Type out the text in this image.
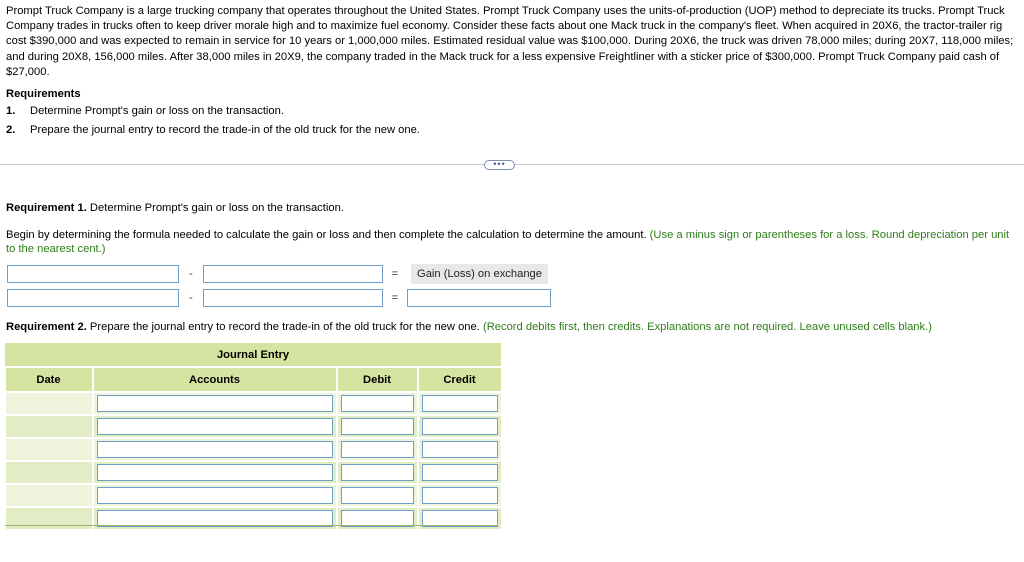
Prompt Truck Company is a large trucking company that operates throughout the United States. Prompt Truck Company uses the units-of-production (UOP) method to depreciate its trucks. Prompt Truck Company trades in trucks often to keep driver morale high and to maximize fuel economy. Consider these facts about one Mack truck in the company's fleet. When acquired in 20X6, the tractor-trailer rig cost $390,000 and was expected to remain in service for 10 years or 1,000,000 miles. Estimated residual value was $100,000. During 20X6, the truck was driven 78,000 miles; during 20X7, 118,000 miles; and during 20X8, 156,000 miles. After 38,000 miles in 20X9, the company traded in the Mack truck for a less expensive Freightliner with a sticker price of $300,000. Prompt Truck Company paid cash of $27,000.
Requirements
1.	Determine Prompt's gain or loss on the transaction.
2.	Prepare the journal entry to record the trade-in of the old truck for the new one.
•••
Requirement 1. Determine Prompt's gain or loss on the transaction.
Begin by determining the formula needed to calculate the gain or loss and then complete the calculation to determine the amount. (Use a minus sign or parentheses for a loss. Round depreciation per unit to the nearest cent.)
-	=	Gain (Loss) on exchange
-	=
Requirement 2. Prepare the journal entry to record the trade-in of the old truck for the new one. (Record debits first, then credits. Explanations are not required. Leave unused cells blank.)
Journal Entry			
Date	Accounts	Debit	Credit
